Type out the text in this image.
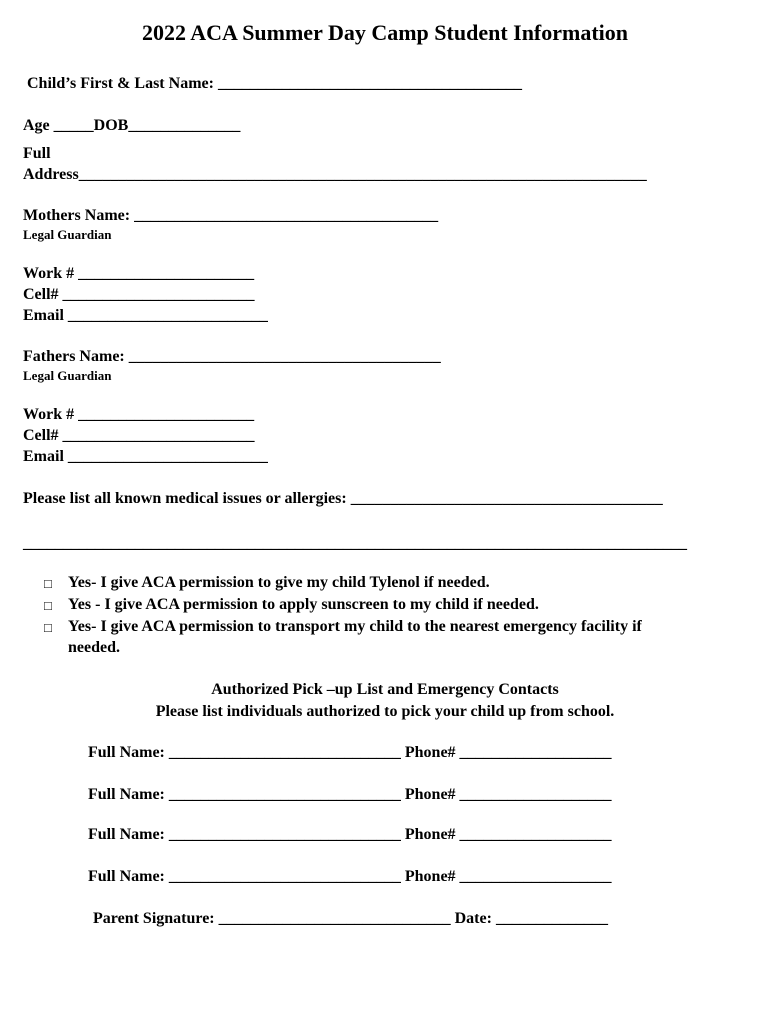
2022 ACA Summer Day Camp Student Information
Child’s First & Last Name: ______________________________________
Age _____DOB______________
Full
Address_______________________________________________________________________
Mothers Name: ______________________________________
Legal Guardian
Work # ______________________
Cell# ________________________
Email _________________________
Fathers Name: _______________________________________
Legal Guardian
Work # ______________________
Cell# ________________________
Email _________________________
Please list all known medical issues or allergies: _______________________________________
___________________________________________________________________________________
□ Yes- I give ACA permission to give my child Tylenol if needed.
□ Yes - I give ACA permission to apply sunscreen to my child if needed.
□ Yes- I give ACA permission to transport my child to the nearest emergency facility if
needed.
Authorized Pick –up List and Emergency Contacts
Please list individuals authorized to pick your child up from school.
Full Name: _____________________________ Phone# ___________________
Full Name: _____________________________ Phone# ___________________
Full Name: _____________________________ Phone# ___________________
Full Name: _____________________________ Phone# ___________________
Parent Signature: _____________________________ Date: ______________
